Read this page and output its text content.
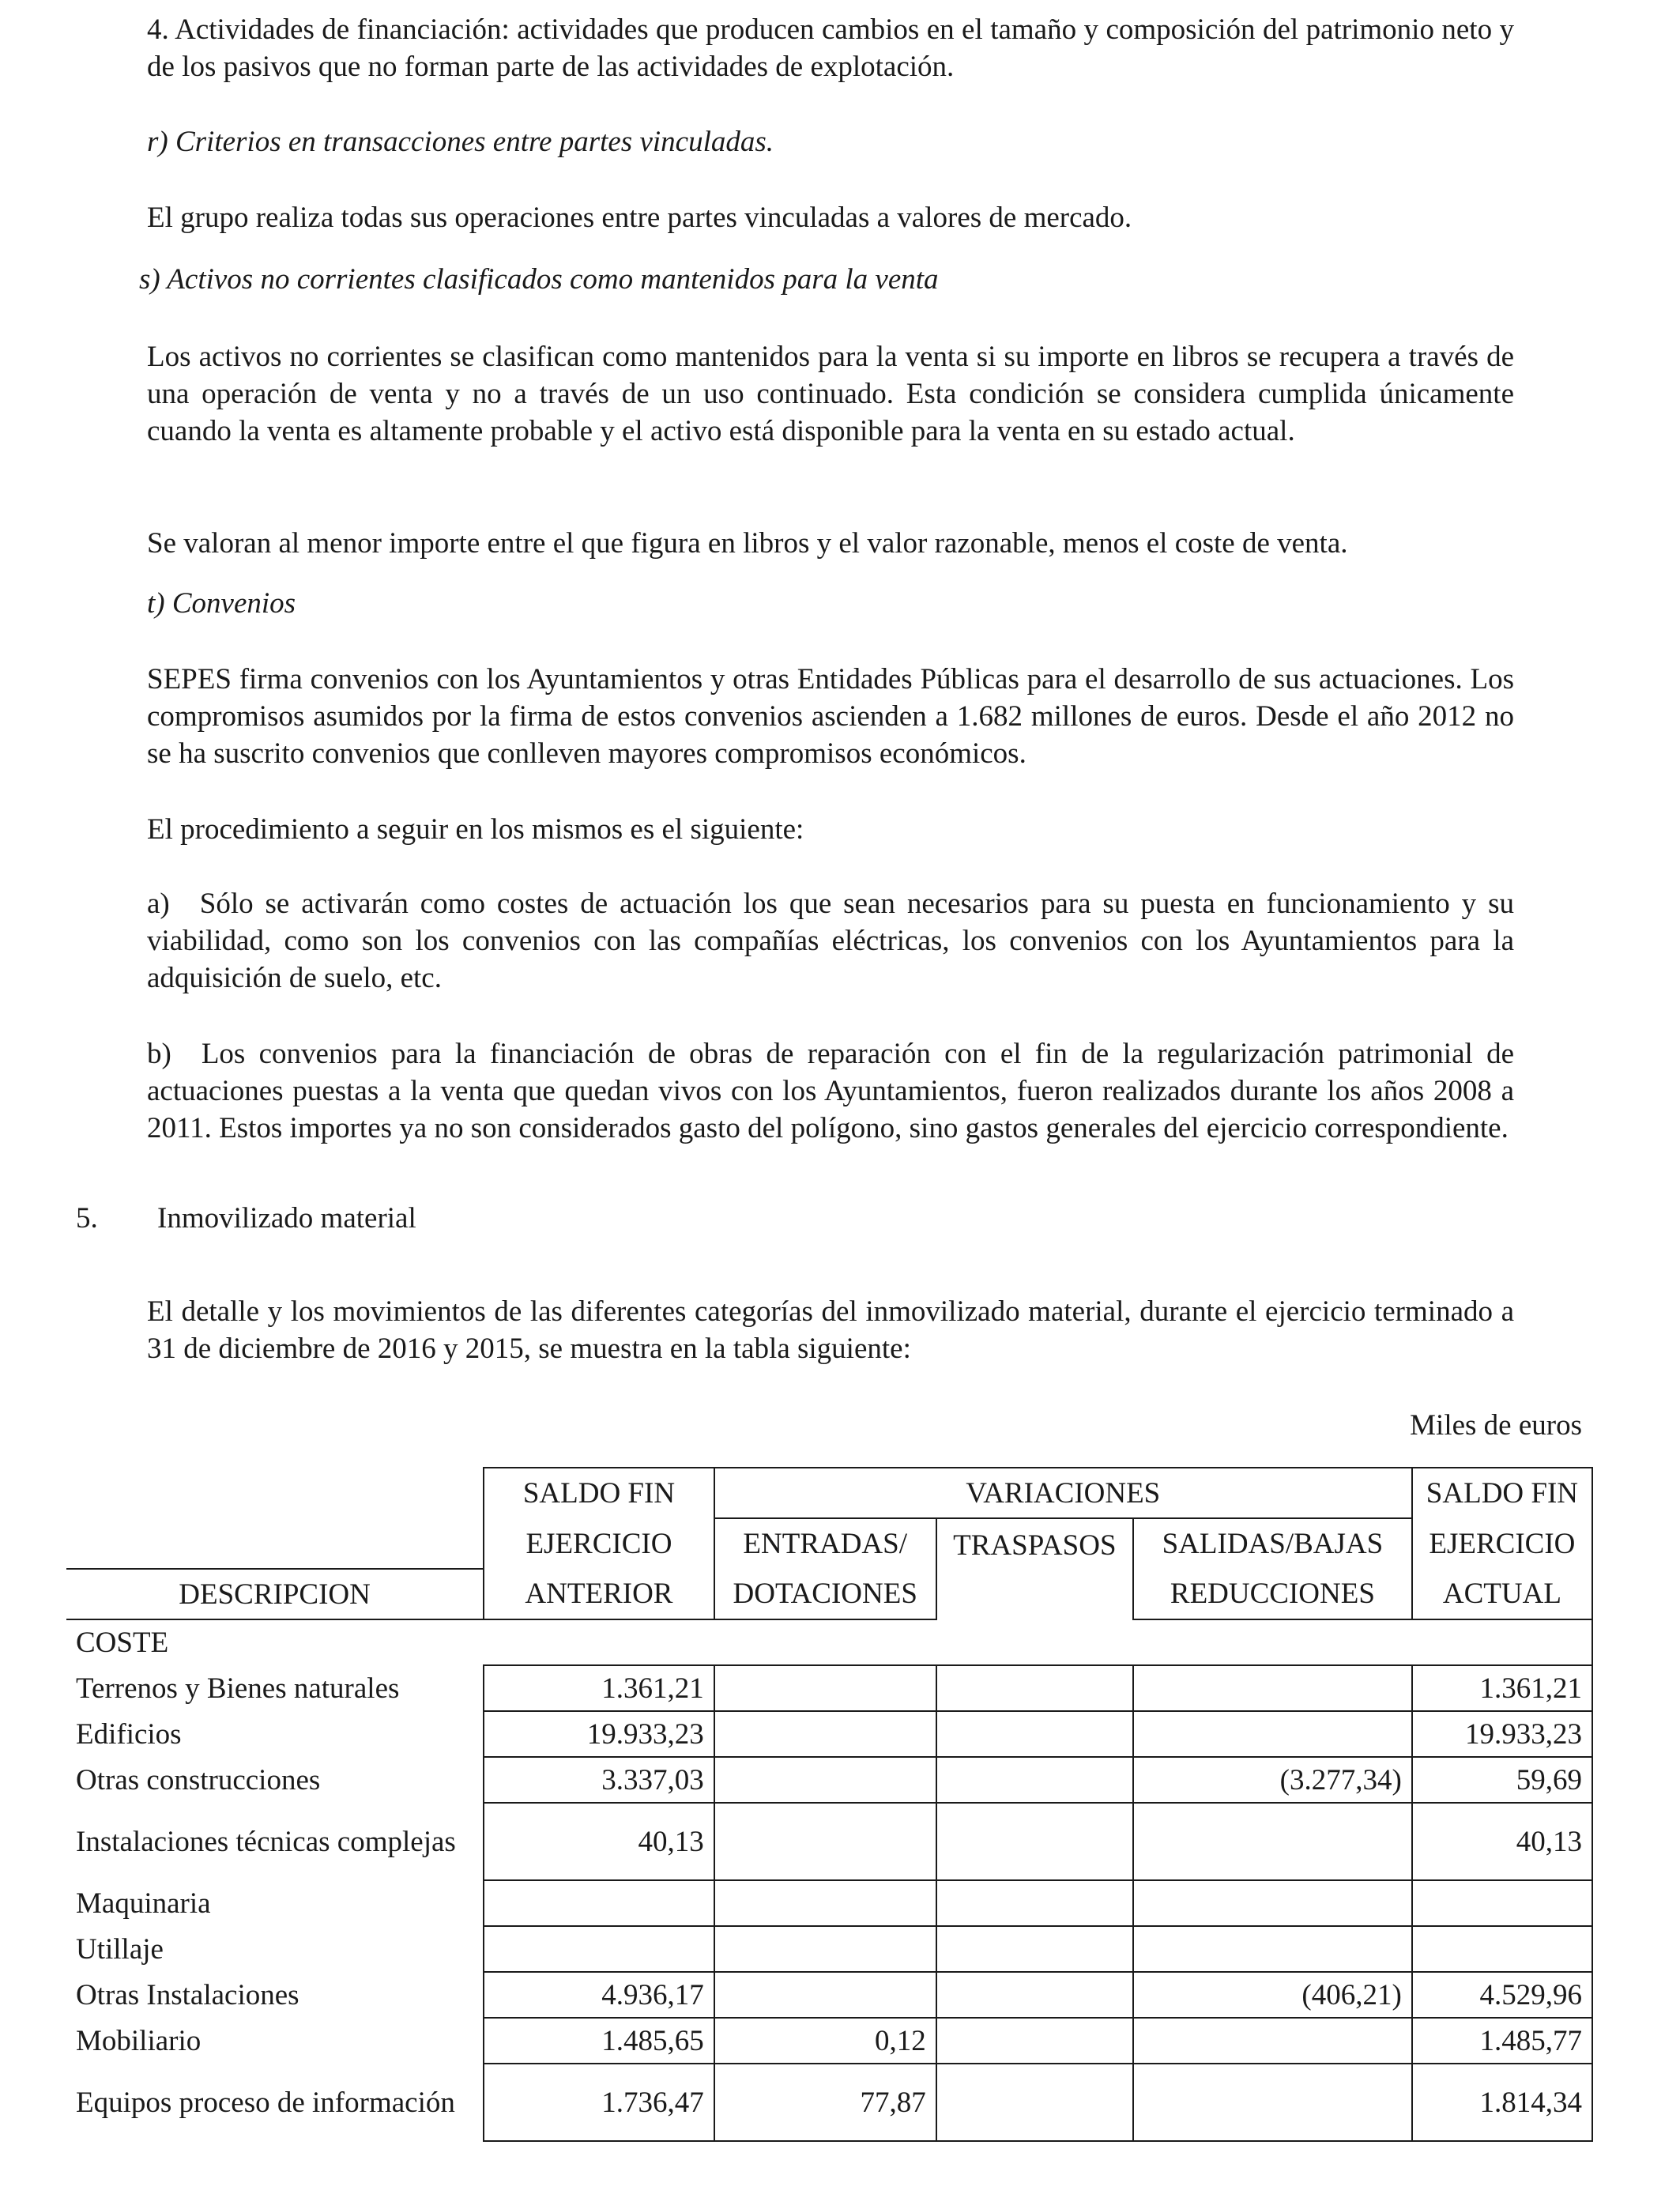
4. Actividades de financiación: actividades que producen cambios en el tamaño y composición del patrimonio neto y de los pasivos que no forman parte de las actividades de explotación.

r) Criterios en transacciones entre partes vinculadas.

El grupo realiza todas sus operaciones entre partes vinculadas a valores de mercado.

s) Activos no corrientes clasificados como mantenidos para la venta

Los activos no corrientes se clasifican como mantenidos para la venta si su importe en libros se recupera a través de una operación de venta y no a través de un uso continuado. Esta condición se considera cumplida únicamente cuando la venta es altamente probable y el activo está disponible para la venta en su estado actual.

Se valoran al menor importe entre el que figura en libros y el valor razonable, menos el coste de venta.

t) Convenios

SEPES firma convenios con los Ayuntamientos y otras Entidades Públicas para el desarrollo de sus actuaciones. Los compromisos asumidos por la firma de estos convenios ascienden a 1.682 millones de euros. Desde el año 2012 no se ha suscrito convenios que conlleven mayores compromisos económicos.

El procedimiento a seguir en los mismos es el siguiente:

a) Sólo se activarán como costes de actuación los que sean necesarios para su puesta en funcionamiento y su viabilidad, como son los convenios con las compañías eléctricas, los convenios con los Ayuntamientos para la adquisición de suelo, etc.

b) Los convenios para la financiación de obras de reparación con el fin de la regularización patrimonial de actuaciones puestas a la venta que quedan vivos con los Ayuntamientos, fueron realizados durante los años 2008 a 2011. Estos importes ya no son considerados gasto del polígono, sino gastos generales del ejercicio correspondiente.

5. Inmovilizado material

El detalle y los movimientos de las diferentes categorías del inmovilizado material, durante el ejercicio terminado a 31 de diciembre de 2016 y 2015, se muestra en la tabla siguiente:

Miles de euros
	SALDO FIN	VARIACIONES			SALDO FIN
	EJERCICIO	ENTRADAS/	TRASPASOS	SALIDAS/BAJAS	EJERCICIO
DESCRIPCION	ANTERIOR	DOTACIONES		REDUCCIONES	ACTUAL
COSTE					
Terrenos y Bienes naturales	1.361,21				1.361,21
Edificios	19.933,23				19.933,23
Otras construcciones	3.337,03			(3.277,34)	59,69
Instalaciones técnicas complejas	40,13				40,13
Maquinaria					
Utillaje					
Otras Instalaciones	4.936,17			(406,21)	4.529,96
Mobiliario	1.485,65	0,12			1.485,77
Equipos proceso de información	1.736,47	77,87			1.814,34
